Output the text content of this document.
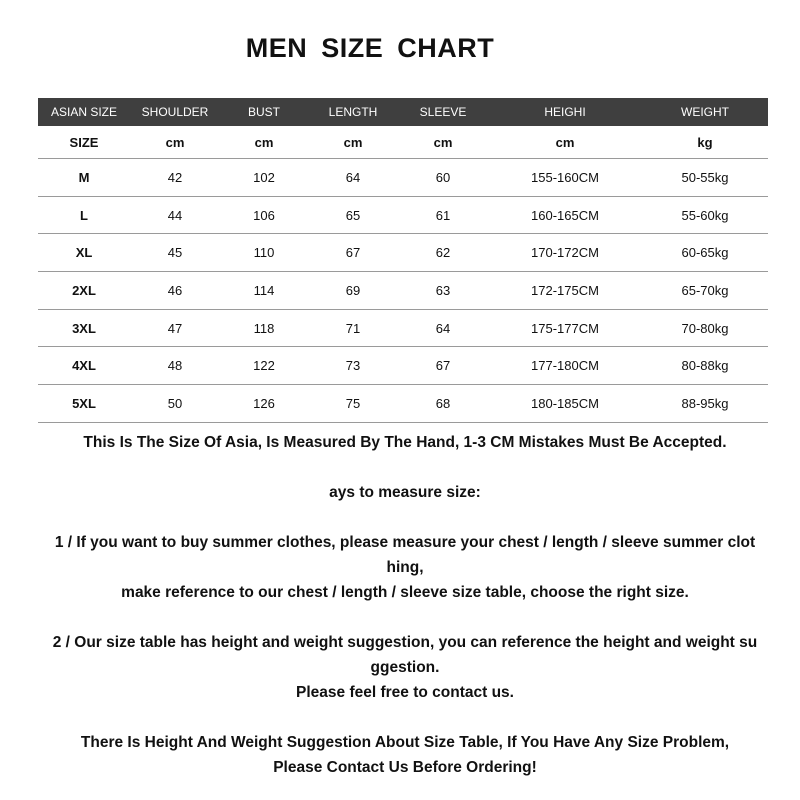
MEN SIZE CHART
ASIAN SIZE	SHOULDER	BUST	LENGTH	SLEEVE	HEIGHI	WEIGHT
SIZE	cm	cm	cm	cm	cm	kg
M	42	102	64	60	155-160CM	50-55kg
L	44	106	65	61	160-165CM	55-60kg
XL	45	110	67	62	170-172CM	60-65kg
2XL	46	114	69	63	172-175CM	65-70kg
3XL	47	118	71	64	175-177CM	70-80kg
4XL	48	122	73	67	177-180CM	80-88kg
5XL	50	126	75	68	180-185CM	88-95kg

This Is The Size Of Asia, Is Measured By The Hand, 1-3 CM Mistakes Must Be Accepted.

ays to measure size:

1 / If you want to buy summer clothes, please measure your chest / length / sleeve summer clot

hing,

make reference to our chest / length / sleeve size table, choose the right size.

2 / Our size table has height and weight suggestion, you can reference the height and weight su

ggestion.

Please feel free to contact us.

There Is Height And Weight Suggestion About Size Table, If You Have Any Size Problem,

Please Contact Us Before Ordering!
